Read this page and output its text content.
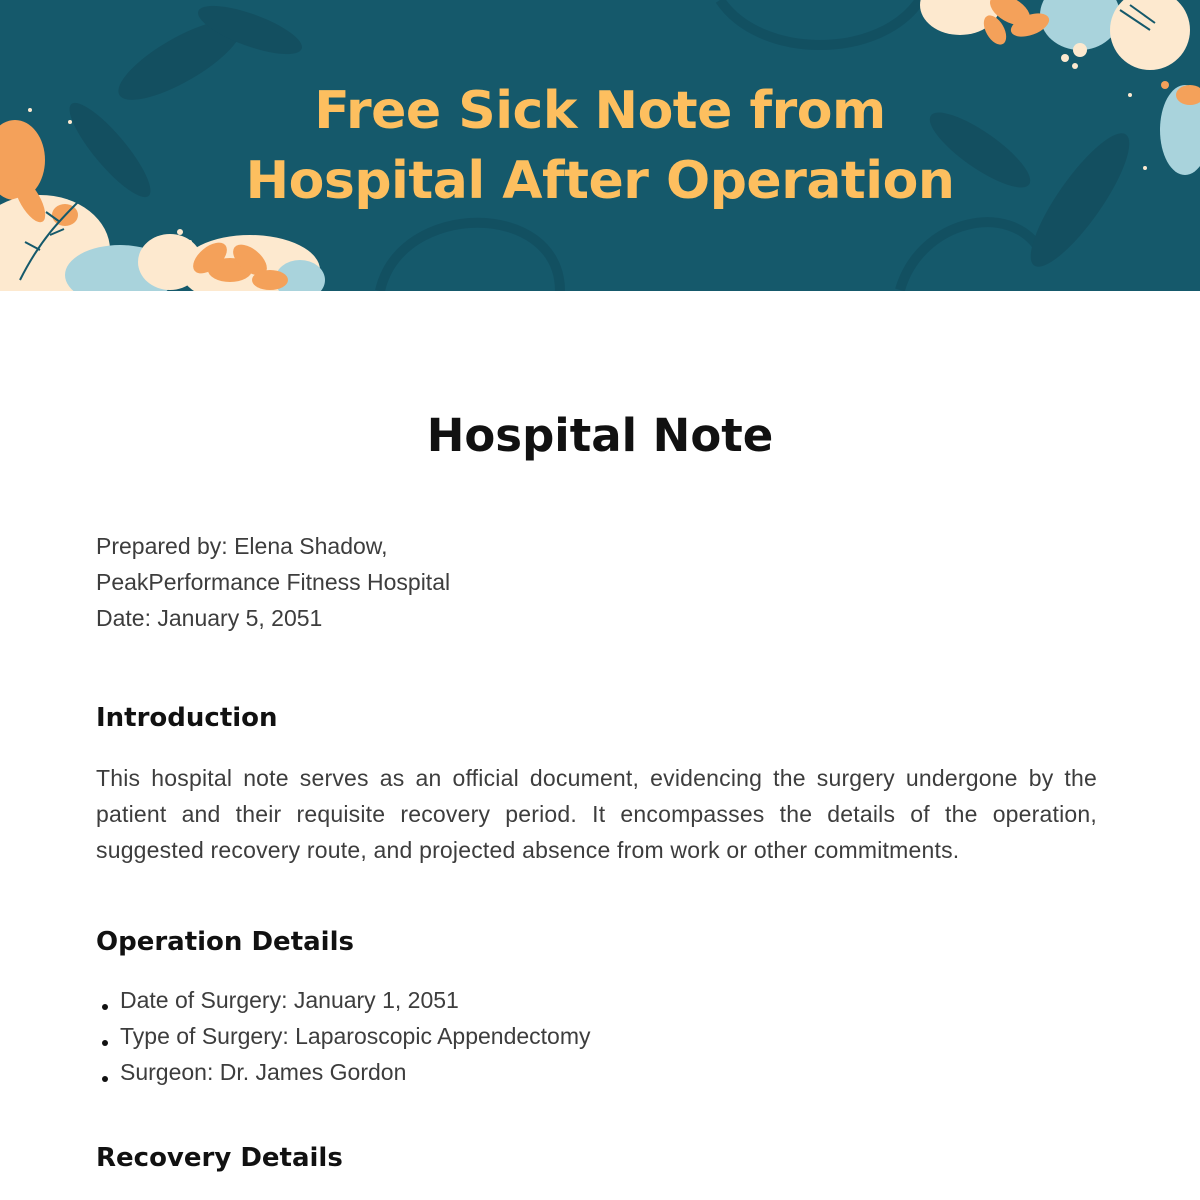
Free Sick Note from
Hospital After Operation
Hospital Note

Prepared by: Elena Shadow,

PeakPerformance Fitness Hospital

Date: January 5, 2051

Introduction

This hospital note serves as an official document, evidencing the surgery undergone by the patient and their requisite recovery period. It encompasses the details of the operation, suggested recovery route, and projected absence from work or other commitments.

Operation Details
Date of Surgery: January 1, 2051
Type of Surgery: Laparoscopic Appendectomy
Surgeon: Dr. James Gordon
Recovery Details
